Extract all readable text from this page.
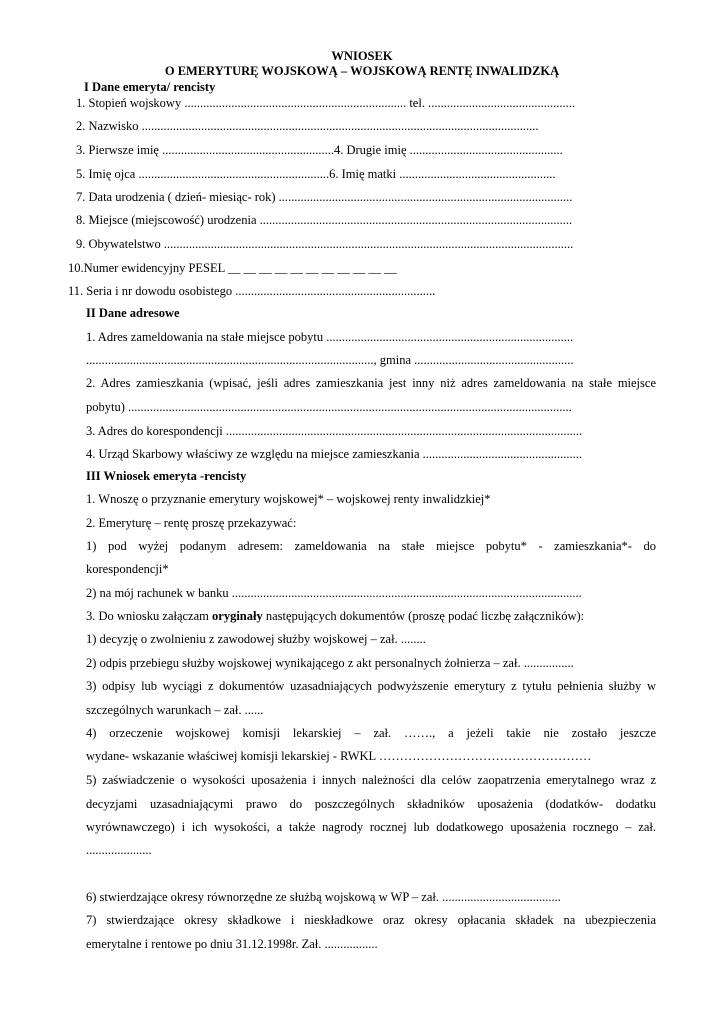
WNIOSEK
O EMERYTURĘ WOJSKOWĄ – WOJSKOWĄ RENTĘ INWALIDZKĄ
I Dane emeryta/ rencisty
1. Stopień wojskowy ....................................................................... tel. ...............................................
2. Nazwisko ...............................................................................................................................
3. Pierwsze imię .......................................................4. Drugie imię .................................................
5. Imię ojca .............................................................6. Imię matki ..................................................
7. Data urodzenia ( dzień- miesiąc- rok) ..............................................................................................
8. Miejsce (miejscowość) urodzenia ....................................................................................................
9. Obywatelstwo ...................................................................................................................................
10.Numer ewidencyjny PESEL __ __ __ __ __ __ __ __ __ __ __
11. Seria i nr dowodu osobistego ................................................................
II Dane adresowe
1. Adres zameldowania na stałe miejsce pobytu ...............................................................................
............................................................................................, gmina ...................................................
2. Adres zamieszkania (wpisać, jeśli adres zamieszkania jest inny niż adres zameldowania na stałe miejsce
pobytu) ..............................................................................................................................................
3. Adres do korespondencji ..................................................................................................................
4. Urząd Skarbowy właściwy ze względu na miejsce zamieszkania ...................................................
III Wniosek emeryta -rencisty
1. Wnoszę o przyznanie emerytury wojskowej* – wojskowej renty inwalidzkiej*
2. Emeryturę – rentę proszę przekazywać:
1) pod wyżej podanym adresem: zameldowania na stałe miejsce pobytu* - zamieszkania*- do
korespondencji*
2) na mój rachunek w banku ................................................................................................................
3. Do wniosku załączam oryginały następujących dokumentów (proszę podać liczbę załączników):
1) decyzję o zwolnieniu z zawodowej służby wojskowej – zał. ........
2) odpis przebiegu służby wojskowej wynikającego z akt personalnych żołnierza – zał. ................
3) odpisy lub wyciągi z dokumentów uzasadniających podwyższenie emerytury z tytułu pełnienia służby w
szczególnych warunkach – zał. ......
4) orzeczenie wojskowej komisji lekarskiej – zał. ……., a jeżeli takie nie zostało jeszcze
wydane- wskazanie właściwej komisji lekarskiej - RWKL ……………………………………………
5) zaświadczenie o wysokości uposażenia i innych należności dla celów zaopatrzenia emerytalnego wraz z
decyzjami uzasadniającymi prawo do poszczególnych składników uposażenia (dodatków- dodatku
wyrównawczego) i ich wysokości, a także nagrody rocznej lub dodatkowego uposażenia rocznego – zał.
.....................
6) stwierdzające okresy równorzędne ze służbą wojskową w WP – zał. ......................................
7) stwierdzające okresy składkowe i nieskładkowe oraz okresy opłacania składek na ubezpieczenia
emerytalne i rentowe po dniu 31.12.1998r. Zał. .................
